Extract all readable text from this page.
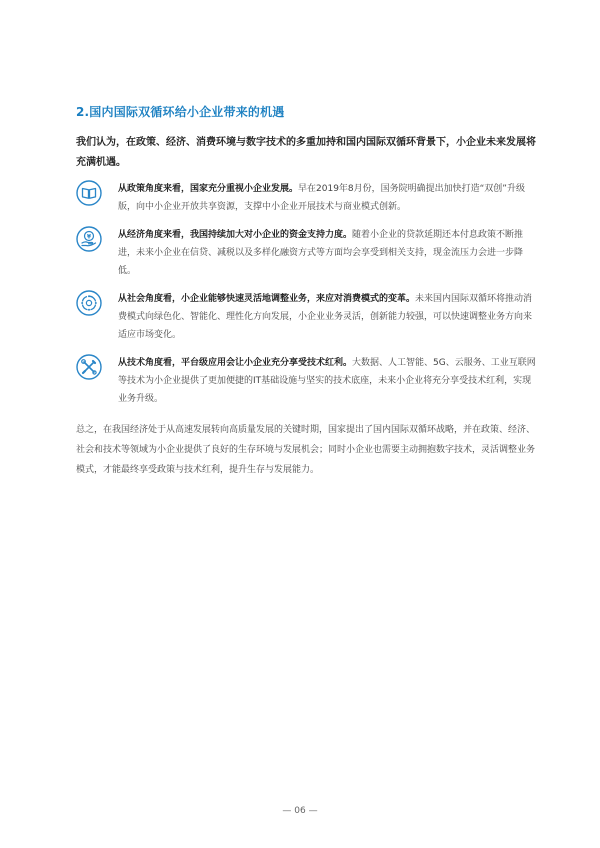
2.国内国际双循环给小企业带来的机遇
我们认为，在政策、经济、消费环境与数字技术的多重加持和国内国际双循环背景下，小企业未来发展将充满机遇。
从政策角度来看，国家充分重视小企业发展。早在2019年8月份，国务院明确提出加快打造“双创”升级版，向中小企业开放共享资源，支撑中小企业开展技术与商业模式创新。
¥	从经济角度来看，我国持续加大对小企业的资金支持力度。随着小企业的贷款延期还本付息政策不断推进，未来小企业在信贷、减税以及多样化融资方式等方面均会享受到相关支持，现金流压力会进一步降低。
从社会角度看，小企业能够快速灵活地调整业务，来应对消费模式的变革。未来国内国际双循环将推动消费模式向绿色化、智能化、理性化方向发展，小企业业务灵活，创新能力较强，可以快速调整业务方向来适应市场变化。
从技术角度看，平台级应用会让小企业充分享受技术红利。大数据、人工智能、5G、云服务、工业互联网等技术为小企业提供了更加便捷的IT基础设施与坚实的技术底座，未来小企业将充分享受技术红利，实现业务升级。
总之，在我国经济处于从高速发展转向高质量发展的关键时期，国家提出了国内国际双循环战略，并在政策、经济、社会和技术等领域为小企业提供了良好的生存环境与发展机会；同时小企业也需要主动拥抱数字技术，灵活调整业务模式，才能最终享受政策与技术红利，提升生存与发展能力。
— 06 —
